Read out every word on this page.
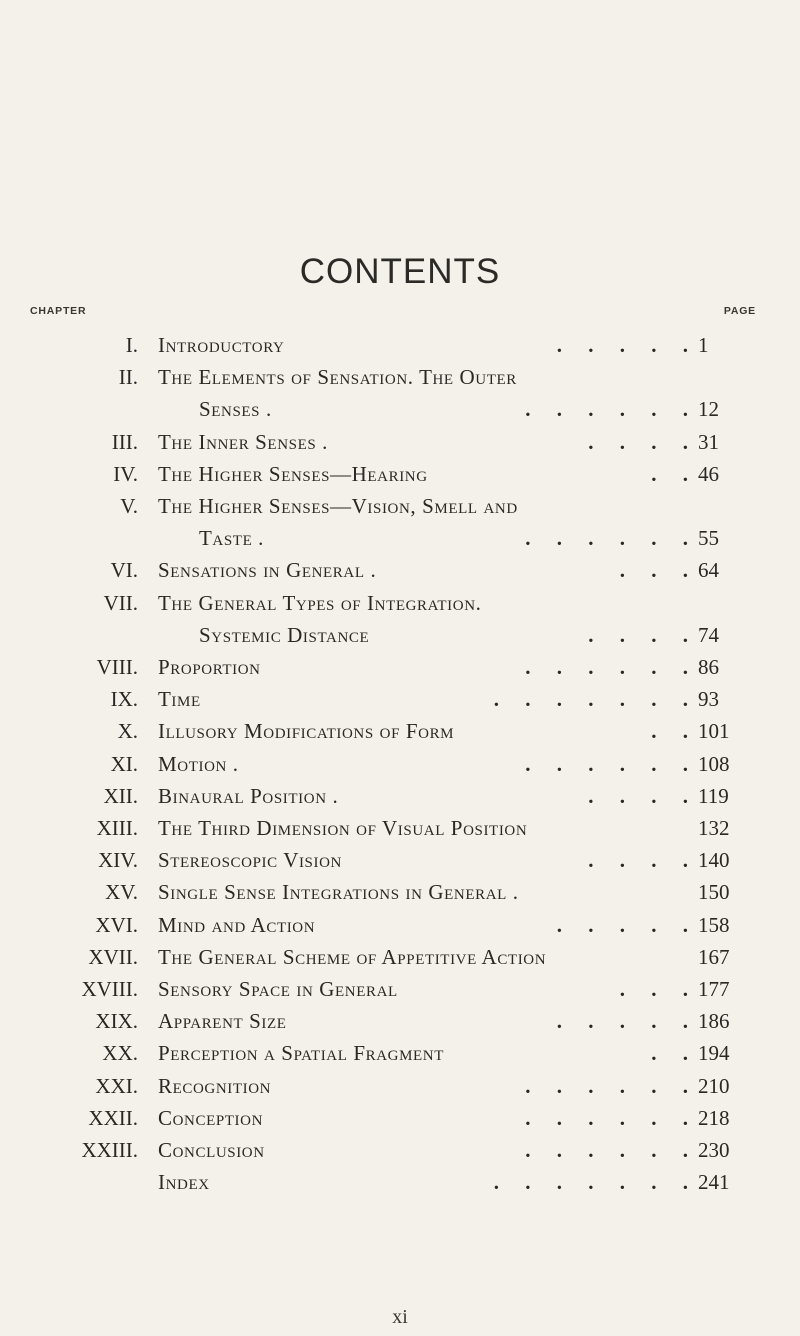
CONTENTS
CHAPTER	PAGE
I. Introductory	.     .     .     .     . 1
II. The Elements of Sensation. The Outer
Senses .	.     .     .     .     .     . 12
III. The Inner Senses .	.     .     .     . 31
IV. The Higher Senses—Hearing	.     . 46
V. The Higher Senses—Vision, Smell and
Taste .	.     .     .     .     .     . 55
VI. Sensations in General .	.     .     . 64
VII. The General Types of Integration.
Systemic Distance	.     .     .     . 74
VIII. Proportion	.     .     .     .     .     . 86
IX. Time	.     .     .     .     .     .     . 93
X. Illusory Modifications of Form	.     . 101
XI. Motion .	.     .     .     .     .     . 108
XII. Binaural Position .	.     .     .     . 119
XIII. The Third Dimension of Visual Position	132
XIV. Stereoscopic Vision	.     .     .     . 140
XV. Single Sense Integrations in General .	150
XVI. Mind and Action	.     .     .     .     . 158
XVII. The General Scheme of Appetitive Action	167
XVIII. Sensory Space in General	.     .     . 177
XIX. Apparent Size	.     .     .     .     . 186
XX. Perception a Spatial Fragment	.     . 194
XXI. Recognition	.     .     .     .     .     . 210
XXII. Conception	.     .     .     .     .     . 218
XXIII. Conclusion	.     .     .     .     .     . 230
Index	.     .     .     .     .     .     . 241
xi
